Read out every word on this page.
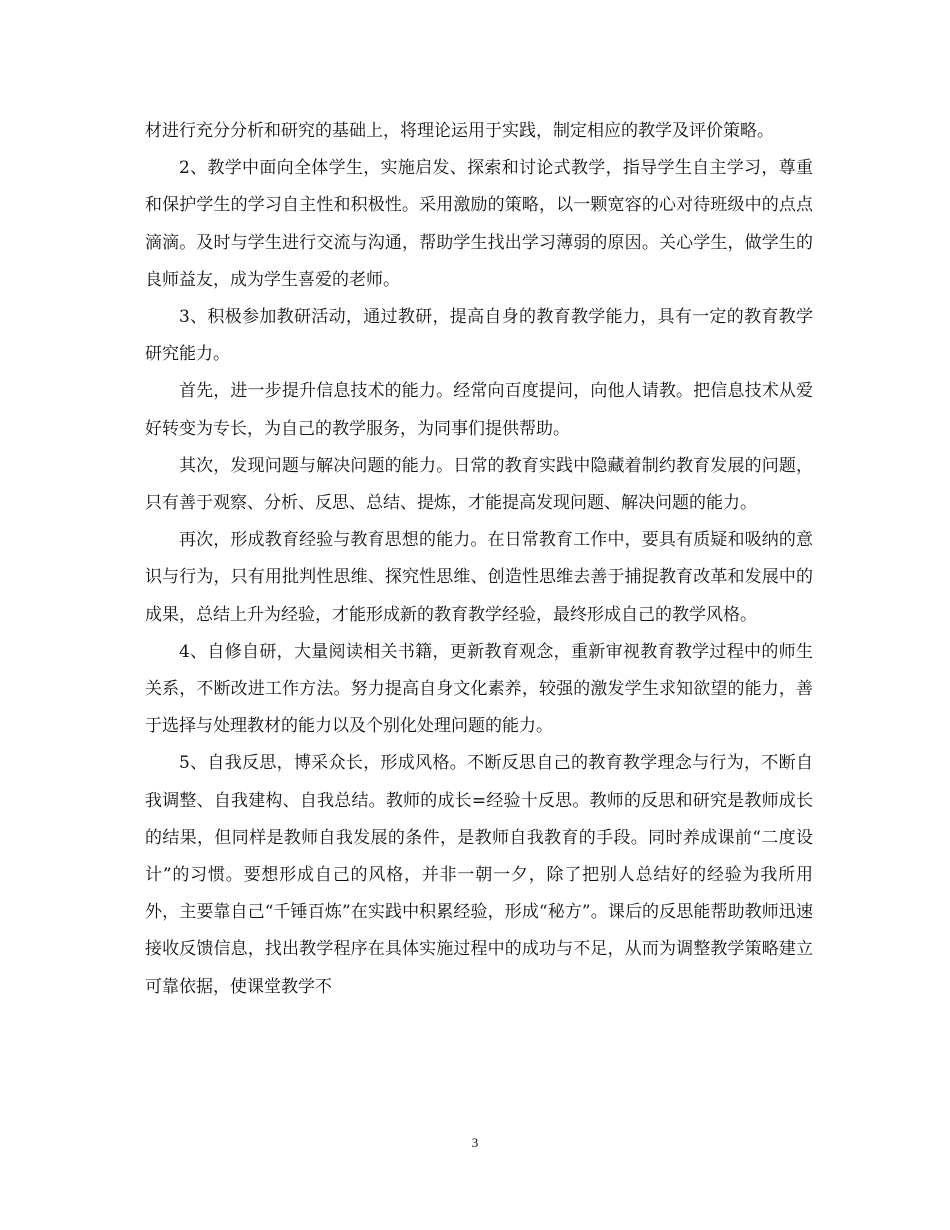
材进行充分分析和研究的基础上，将理论运用于实践，制定相应的教学及评价策略。

2、教学中面向全体学生，实施启发、探索和讨论式教学，指导学生自主学习，尊重和保护学生的学习自主性和积极性。采用激励的策略，以一颗宽容的心对待班级中的点点滴滴。及时与学生进行交流与沟通，帮助学生找出学习薄弱的原因。关心学生，做学生的良师益友，成为学生喜爱的老师。

3、积极参加教研活动，通过教研，提高自身的教育教学能力，具有一定的教育教学研究能力。

首先，进一步提升信息技术的能力。经常向百度提问，向他人请教。把信息技术从爱好转变为专长，为自己的教学服务，为同事们提供帮助。

其次，发现问题与解决问题的能力。日常的教育实践中隐藏着制约教育发展的问题，只有善于观察、分析、反思、总结、提炼，才能提高发现问题、解决问题的能力。

再次，形成教育经验与教育思想的能力。在日常教育工作中，要具有质疑和吸纳的意识与行为，只有用批判性思维、探究性思维、创造性思维去善于捕捉教育改革和发展中的成果，总结上升为经验，才能形成新的教育教学经验，最终形成自己的教学风格。

4、自修自研，大量阅读相关书籍，更新教育观念，重新审视教育教学过程中的师生关系，不断改进工作方法。努力提高自身文化素养，较强的激发学生求知欲望的能力，善于选择与处理教材的能力以及个别化处理问题的能力。

5、自我反思，博采众长，形成风格。不断反思自己的教育教学理念与行为，不断自我调整、自我建构、自我总结。教师的成长=经验十反思。教师的反思和研究是教师成长的结果，但同样是教师自我发展的条件，是教师自我教育的手段。同时养成课前“二度设计”的习惯。要想形成自己的风格，并非一朝一夕，除了把别人总结好的经验为我所用外，主要靠自己“千锤百炼”在实践中积累经验，形成“秘方”。课后的反思能帮助教师迅速接收反馈信息，找出教学程序在具体实施过程中的成功与不足，从而为调整教学策略建立可靠依据，使课堂教学不

3
